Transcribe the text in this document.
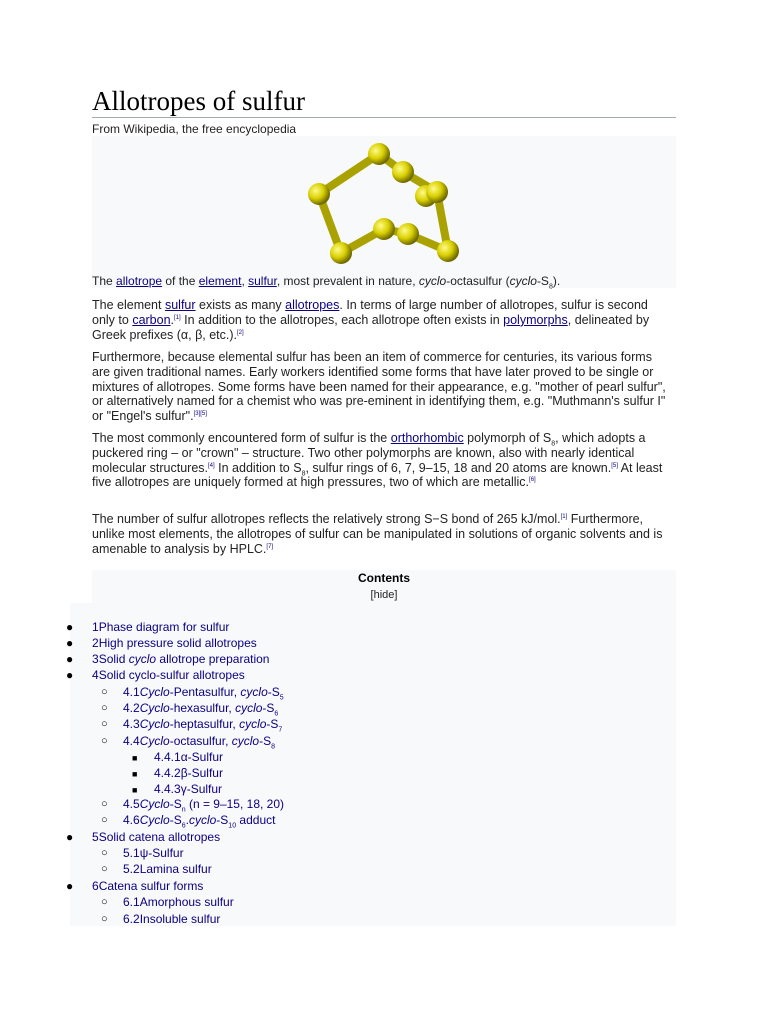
Allotropes of sulfur
From Wikipedia, the free encyclopedia
The allotrope of the element, sulfur, most prevalent in nature, cyclo-octasulfur $(cyclo-S_8)$.

The element sulfur exists as many allotropes. In terms of large number of allotropes, sulfur is second only to carbon.[1] In addition to the allotropes, each allotrope often exists in polymorphs, delineated by Greek prefixes (α, β, etc.).[2]

Furthermore, because elemental sulfur has been an item of commerce for centuries, its various forms are given traditional names. Early workers identified some forms that have later proved to be single or mixtures of allotropes. Some forms have been named for their appearance, e.g. "mother of pearl sulfur", or alternatively named for a chemist who was pre-eminent in identifying them, e.g. "Muthmann's sulfur I" or "Engel's sulfur".[3][5]

The most commonly encountered form of sulfur is the orthorhombic polymorph of $S_8$, which adopts a puckered ring – or "crown" – structure. Two other polymorphs are known, also with nearly identical molecular structures.[4] In addition to $S_8$, sulfur rings of 6, 7, 9–15, 18 and 20 atoms are known.[5] At least five allotropes are uniquely formed at high pressures, two of which are metallic.[6]

The number of sulfur allotropes reflects the relatively strong S−S bond of 265 kJ/mol.[1] Furthermore, unlike most elements, the allotropes of sulfur can be manipulated in solutions of organic solvents and is amenable to analysis by HPLC.[7]

Contents
[hide]
● 1Phase diagram for sulfur
● 2High pressure solid allotropes
● 3Solid cyclo allotrope preparation
● 4Solid cyclo-sulfur allotropes
○ 4.1Cyclo-Pentasulfur, cyclo-$S_5$
○ 4.2Cyclo-hexasulfur, cyclo-$S_6$
○ 4.3Cyclo-heptasulfur, cyclo-$S_7$
○ 4.4Cyclo-octasulfur, cyclo-$S_8$
■ 4.4.1α-Sulfur
■ 4.4.2β-Sulfur
■ 4.4.3γ-Sulfur
○ $4.5Cyclo-S_n$ (n = 9–15, 18, 20)
○ $4.6Cyclo-S_6.cyclo-S_{10}$ adduct
● 5Solid catena allotropes
○ 5.1ψ-Sulfur
○ 5.2Lamina sulfur
● 6Catena sulfur forms
○ 6.1Amorphous sulfur
○ 6.2Insoluble sulfur
